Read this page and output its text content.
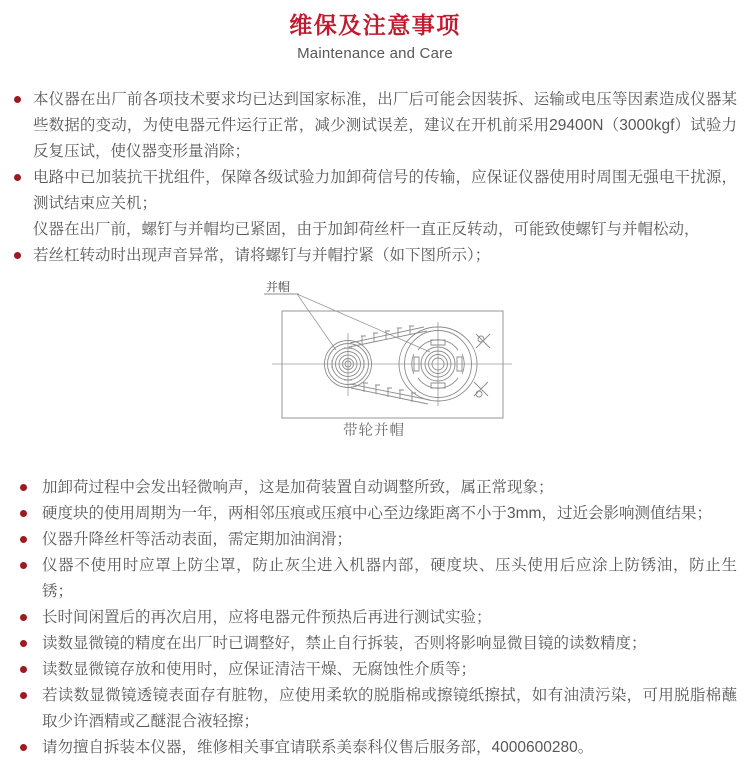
维保及注意事项
Maintenance and Care
本仪器在出厂前各项技术要求均已达到国家标准，出厂后可能会因装拆、运输或电压等因素造成仪器某些数据的变动，为使电器元件运行正常，减少测试误差，建议在开机前采用29400N（3000kgf）试验力反复压试，使仪器变形量消除；
电路中已加装抗干扰组件，保障各级试验力加卸荷信号的传输，应保证仪器使用时周围无强电干扰源，测试结束应关机；
仪器在出厂前，螺钉与并帽均已紧固，由于加卸荷丝杆一直正反转动，可能致使螺钉与并帽松动，
若丝杠转动时出现声音异常，请将螺钉与并帽拧紧（如下图所示）；
并帽
带轮并帽
加卸荷过程中会发出轻微响声，这是加荷装置自动调整所致，属正常现象；
硬度块的使用周期为一年，两相邻压痕或压痕中心至边缘距离不小于3mm，过近会影响测值结果；
仪器升降丝杆等活动表面，需定期加油润滑；
仪器不使用时应罩上防尘罩，防止灰尘进入机器内部，硬度块、压头使用后应涂上防锈油，防止生锈；
长时间闲置后的再次启用，应将电器元件预热后再进行测试实验；
读数显微镜的精度在出厂时已调整好，禁止自行拆装，否则将影响显微目镜的读数精度；
读数显微镜存放和使用时，应保证清洁干燥、无腐蚀性介质等；
若读数显微镜透镜表面存有脏物，应使用柔软的脱脂棉或擦镜纸擦拭，如有油渍污染，可用脱脂棉蘸取少许酒精或乙醚混合液轻擦；
请勿擅自拆装本仪器，维修相关事宜请联系美泰科仪售后服务部，4000600280。
